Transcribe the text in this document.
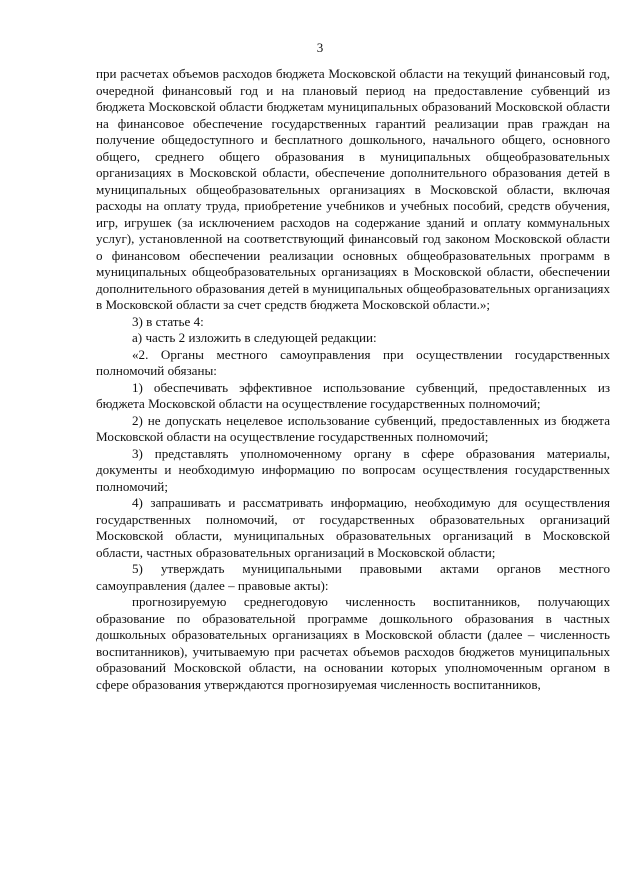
3

при расчетах объемов расходов бюджета Московской области на текущий финансовый год, очередной финансовый год и на плановый период на предоставление субвенций из бюджета Московской области бюджетам муниципальных образований Московской области на финансовое обеспечение государственных гарантий реализации прав граждан на получение общедоступного и бесплатного дошкольного, начального общего, основного общего, среднего общего образования в муниципальных общеобразовательных организациях в Московской области, обеспечение дополнительного образования детей в муниципальных общеобразовательных организациях в Московской области, включая расходы на оплату труда, приобретение учебников и учебных пособий, средств обучения, игр, игрушек (за исключением расходов на содержание зданий и оплату коммунальных услуг), установленной на соответствующий финансовый год законом Московской области о финансовом обеспечении реализации основных общеобразовательных программ в муниципальных общеобразовательных организациях в Московской области, обеспечении дополнительного образования детей в муниципальных общеобразовательных организациях в Московской области за счет средств бюджета Московской области.»;

3) в статье 4:

а) часть 2 изложить в следующей редакции:

«2. Органы местного самоуправления при осуществлении государственных полномочий обязаны:

1) обеспечивать эффективное использование субвенций, предоставленных из бюджета Московской области на осуществление государственных полномочий;

2) не допускать нецелевое использование субвенций, предоставленных из бюджета Московской области на осуществление государственных полномочий;

3) представлять уполномоченному органу в сфере образования материалы, документы и необходимую информацию по вопросам осуществления государственных полномочий;

4) запрашивать и рассматривать информацию, необходимую для осуществления государственных полномочий, от государственных образовательных организаций Московской области, муниципальных образовательных организаций в Московской области, частных образовательных организаций в Московской области;

5) утверждать муниципальными правовыми актами органов местного самоуправления (далее – правовые акты):

прогнозируемую среднегодовую численность воспитанников, получающих образование по образовательной программе дошкольного образования в частных дошкольных образовательных организациях в Московской области (далее – численность воспитанников), учитываемую при расчетах объемов расходов бюджетов муниципальных образований Московской области, на основании которых уполномоченным органом в сфере образования утверждаются прогнозируемая численность воспитанников,
